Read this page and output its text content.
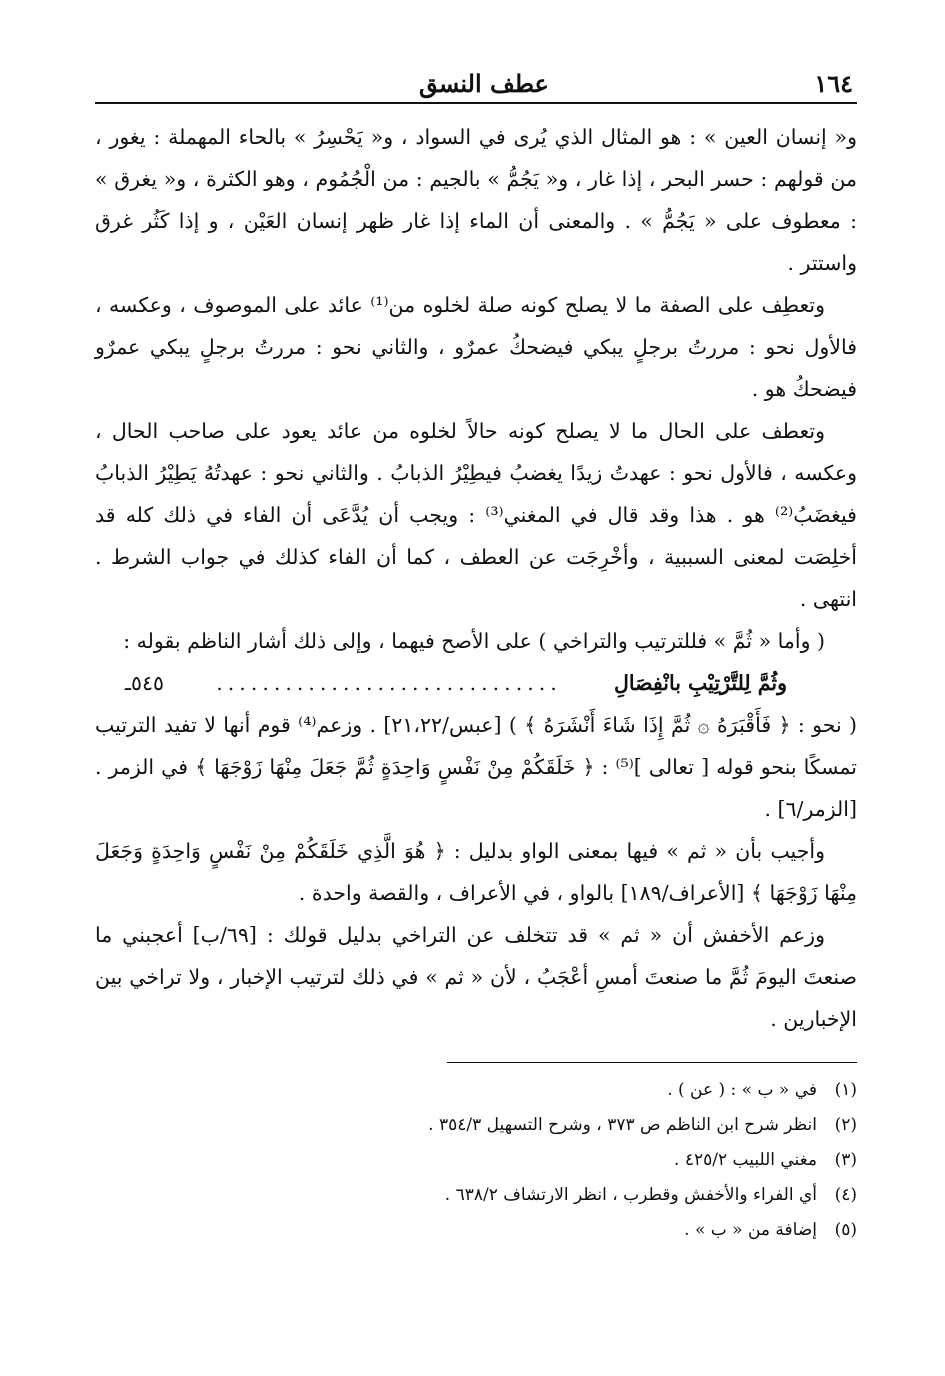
١٦٤
عطف النسق

و« إنسان العين » : هو المثال الذي يُرى في السواد ، و« يَحْسِرُ » بالحاء المهملة : يغور ، من قولهم : حسر البحر ، إذا غار ، و« يَجُمُّ » بالجيم : من الْجُمُوم ، وهو الكثرة ، و« يغرق » : معطوف على « يَجُمُّ » . والمعنى أن الماء إذا غار ظهر إنسان العَيْن ، و إذا كَثُر غرق واستتر .

وتعطِف على الصفة ما لا يصلح كونه صلة لخلوه من⁽¹⁾ عائد على الموصوف ، وعكسه ، فالأول نحو : مررتُ برجلٍ يبكي فيضحكُ عمرٌو ، والثاني نحو : مررتُ برجلٍ يبكي عمرٌو فيضحكُ هو .

وتعطف على الحال ما لا يصلح كونه حالاً لخلوه من عائد يعود على صاحب الحال ، وعكسه ، فالأول نحو : عهدتُ زيدًا يغضبُ فيطِيْرُ الذبابُ . والثاني نحو : عهدتُهُ يَطِيْرُ الذبابُ فيغضَبُ⁽²⁾ هو . هذا وقد قال في المغني⁽³⁾ : ويجب أن يُدَّعَى أن الفاء في ذلك كله قد أخلِصَت لمعنى السببية ، وأخْرِجَت عن العطف ، كما أن الفاء كذلك في جواب الشرط . انتهى .

( وأما « ثُمَّ » فللترتيب والتراخي ) على الأصح فيهما ، وإلى ذلك أشار الناظم بقوله :

وثُمَّ لِلتَّرْتِيْبِ بانْفِصَالِ
..............................
٥٤٥ـ

( نحو : ﴿ فَأَقْبَرَهُ ۞ ثُمَّ إِذَا شَاءَ أَنْشَرَهُ ﴾ ) [عبس/٢١،٢٢] . وزعم⁽⁴⁾ قوم أنها لا تفيد الترتيب تمسكًا بنحو قوله [ تعالى ]⁽⁵⁾ : ﴿ خَلَقَكُمْ مِنْ نَفْسٍ وَاحِدَةٍ ثُمَّ جَعَلَ مِنْهَا زَوْجَهَا ﴾ في الزمر . [الزمر/٦] .

وأجيب بأن « ثم » فيها بمعنى الواو بدليل : ﴿ هُوَ الَّذِي خَلَقَكُمْ مِنْ نَفْسٍ وَاحِدَةٍ وَجَعَلَ مِنْهَا زَوْجَهَا ﴾ [الأعراف/١٨٩] بالواو ، في الأعراف ، والقصة واحدة .

وزعم الأخفش أن « ثم » قد تتخلف عن التراخي بدليل قولك : [٦٩/ب] أعجبني ما صنعتَ اليومَ ثُمَّ ما صنعتَ أمسِ أعْجَبُ ، لأن « ثم » في ذلك لترتيب الإخبار ، ولا تراخي بين الإخبارين .

(١)
في « ب » : ( عن ) .
(٢)
انظر شرح ابن الناظم ص ٣٧٣ ، وشرح التسهيل ٣٥٤/٣ .
(٣)
مغني اللبيب ٤٢٥/٢ .
(٤)
أي الفراء والأخفش وقطرب ، انظر الارتشاف ٦٣٨/٢ .
(٥)
إضافة من « ب » .
